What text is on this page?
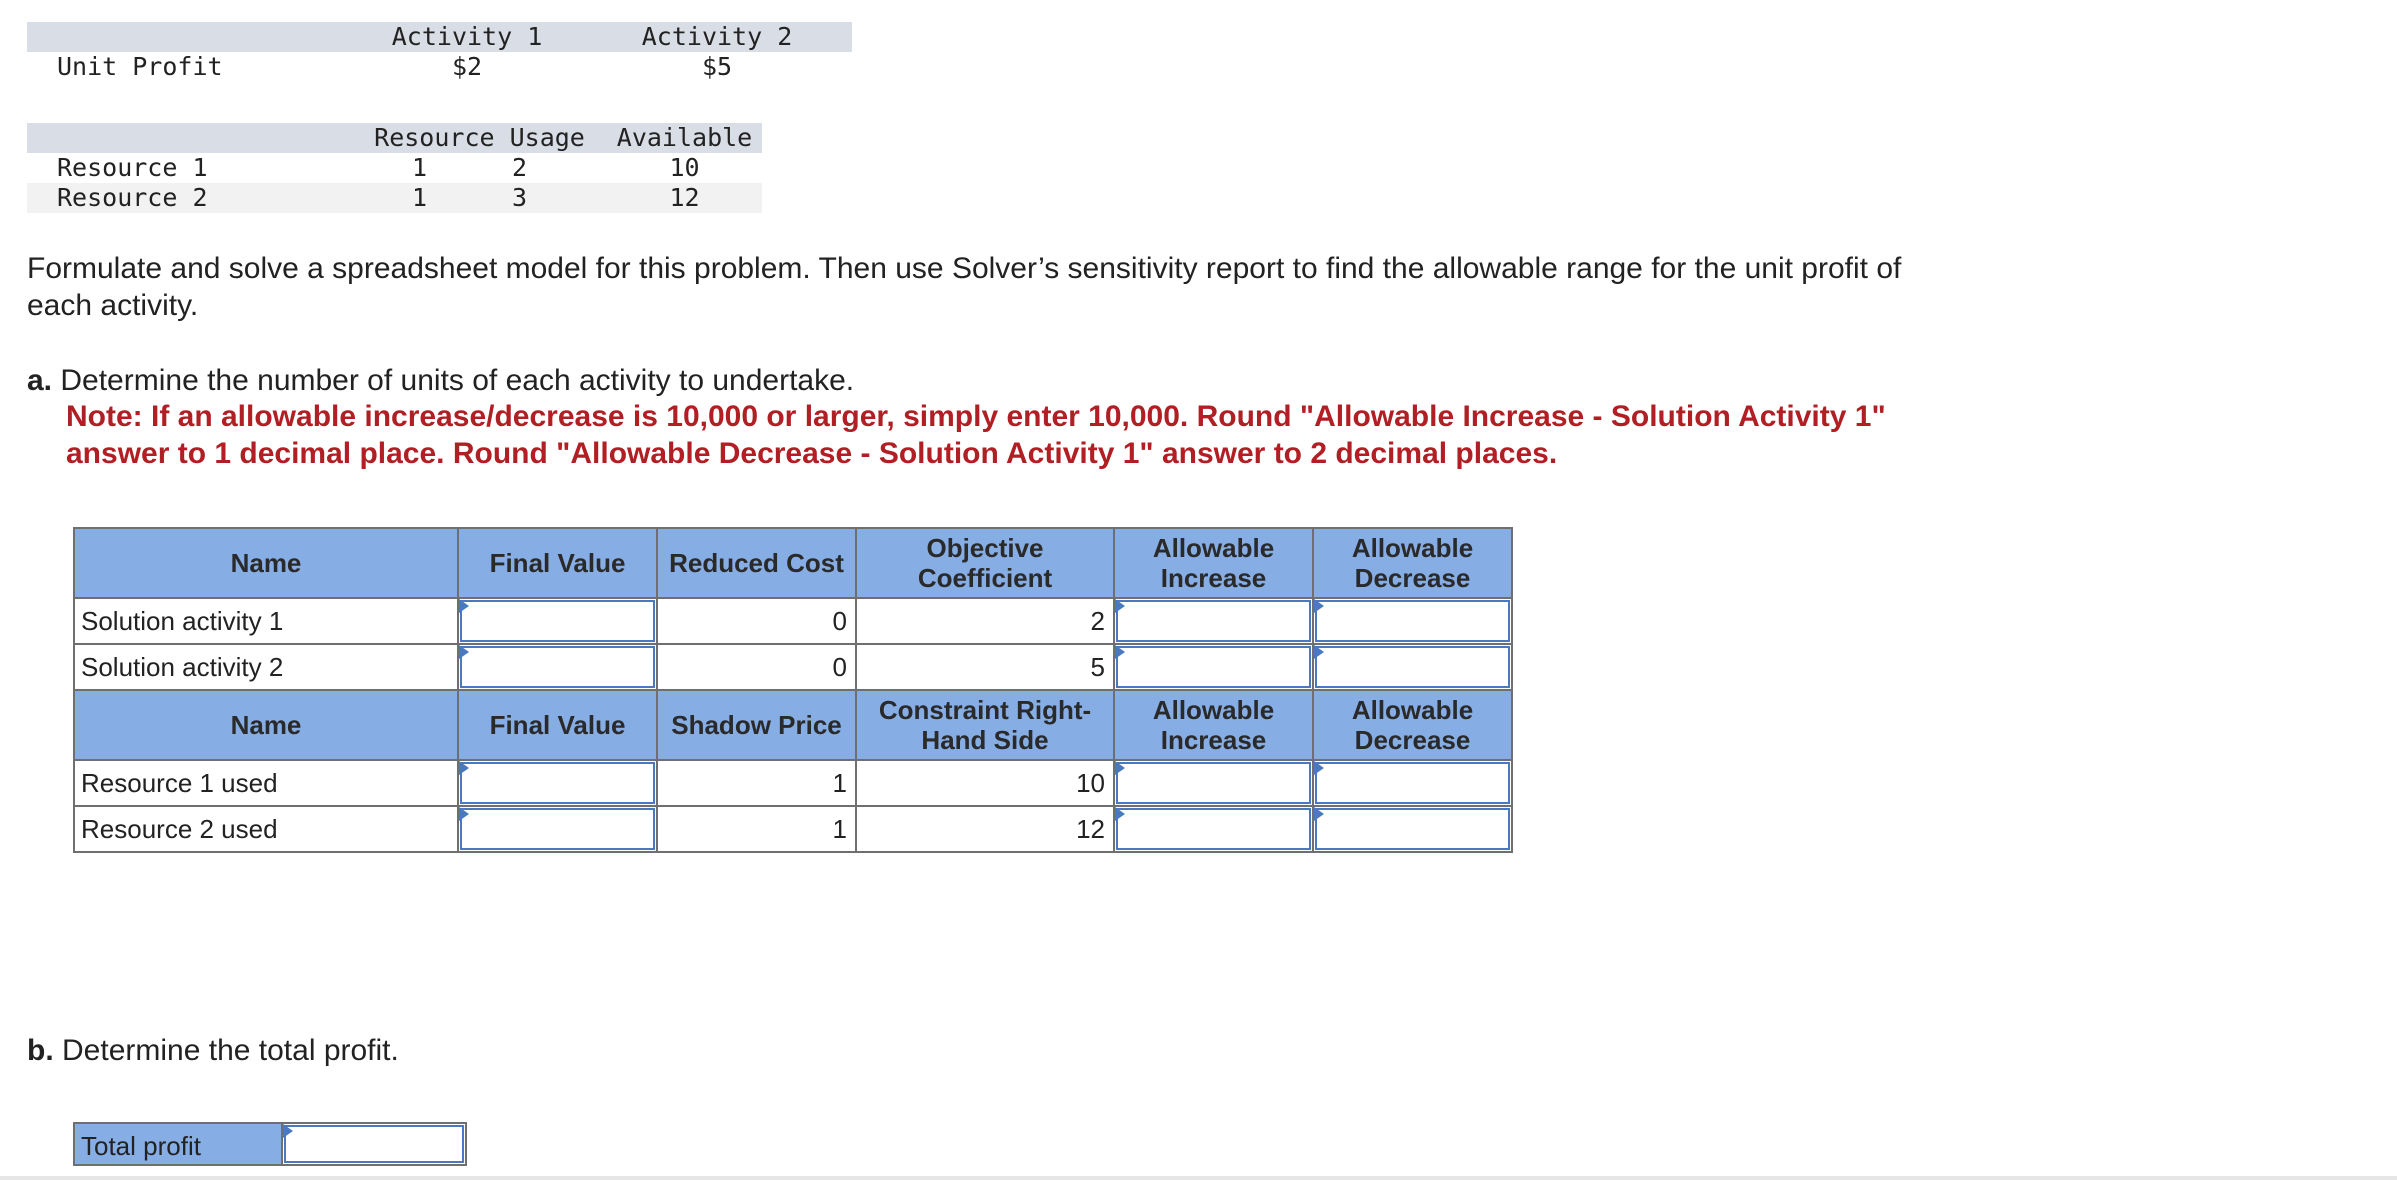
	Activity 1	Activity 2
Unit Profit	$2	$5
	Resource Usage		Available
Resource 1	1	2	10
Resource 2	1	3	12
Formulate and solve a spreadsheet model for this problem. Then use Solver’s sensitivity report to find the allowable range for the unit profit of each activity.
a. Determine the number of units of each activity to undertake.
Note: If an allowable increase/decrease is 10,000 or larger, simply enter 10,000. Round "Allowable Increase - Solution Activity 1" answer to 1 decimal place. Round "Allowable Decrease - Solution Activity 1" answer to 2 decimal places.
Name	Final Value	Reduced Cost	Objective Coefficient	Allowable Increase	Allowable Decrease
Solution activity 1		0	2	

Solution activity 2		0	5	

Name	Final Value	Shadow Price	Constraint Right-Hand Side	Allowable Increase	Allowable Decrease
Resource 1 used		1	10	

Resource 2 used		1	12	

b. Determine the total profit.
Total profit
